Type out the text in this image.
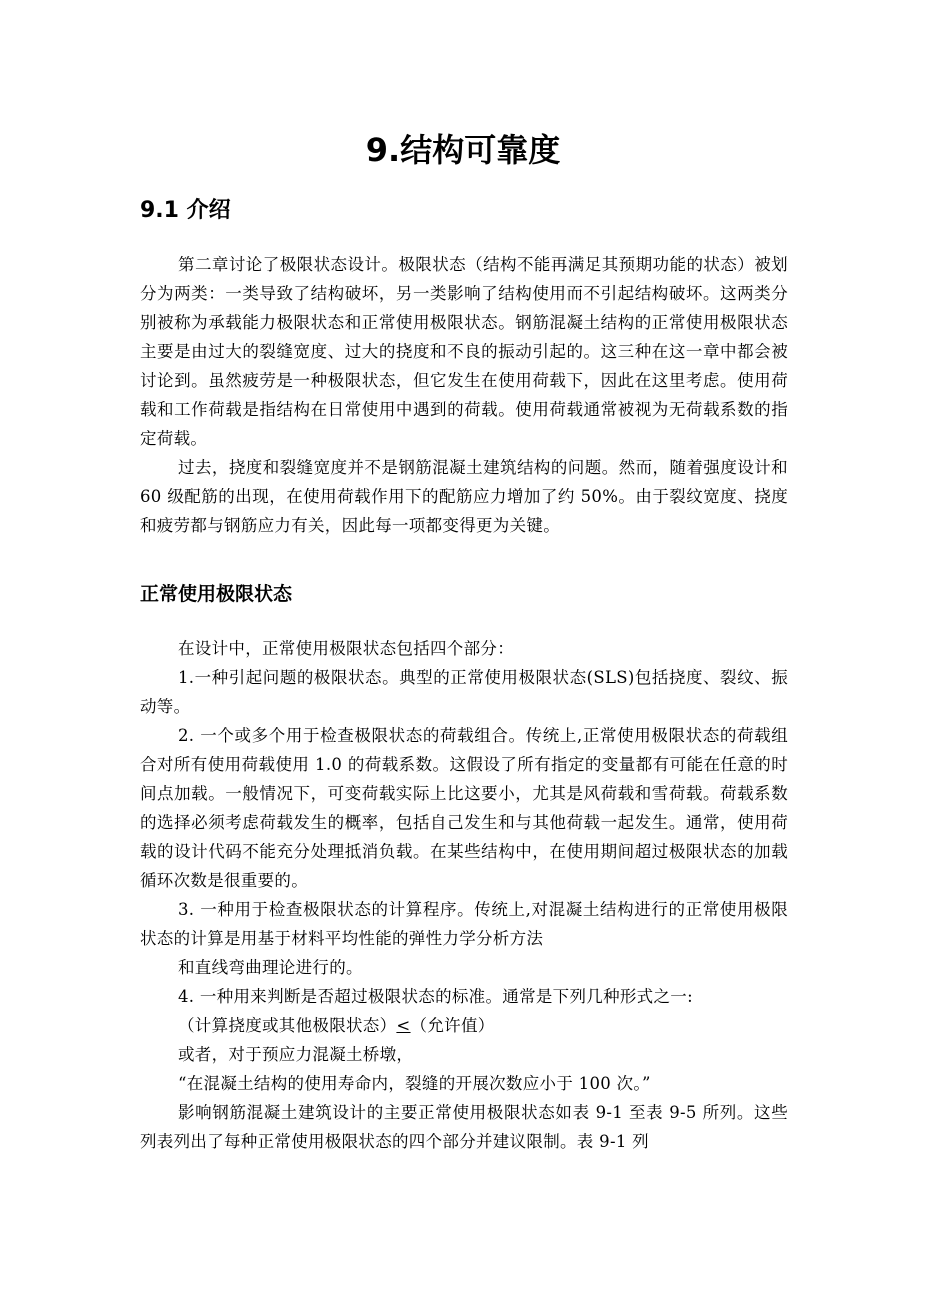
9.结构可靠度
9.1 介绍

第二章讨论了极限状态设计。极限状态（结构不能再满足其预期功能的状态）被划分为两类：一类导致了结构破坏，另一类影响了结构使用而不引起结构破坏。这两类分别被称为承载能力极限状态和正常使用极限状态。钢筋混凝土结构的正常使用极限状态主要是由过大的裂缝宽度、过大的挠度和不良的振动引起的。这三种在这一章中都会被讨论到。虽然疲劳是一种极限状态，但它发生在使用荷载下，因此在这里考虑。使用荷载和工作荷载是指结构在日常使用中遇到的荷载。使用荷载通常被视为无荷载系数的指定荷载。

过去，挠度和裂缝宽度并不是钢筋混凝土建筑结构的问题。然而，随着强度设计和 60 级配筋的出现，在使用荷载作用下的配筋应力增加了约 50%。由于裂纹宽度、挠度和疲劳都与钢筋应力有关，因此每一项都变得更为关键。

正常使用极限状态

在设计中，正常使用极限状态包括四个部分：

1.一种引起问题的极限状态。典型的正常使用极限状态(SLS)包括挠度、裂纹、振动等。

2. 一个或多个用于检查极限状态的荷载组合。传统上,正常使用极限状态的荷载组合对所有使用荷载使用 1.0 的荷载系数。这假设了所有指定的变量都有可能在任意的时间点加载。一般情况下，可变荷载实际上比这要小，尤其是风荷载和雪荷载。荷载系数的选择必须考虑荷载发生的概率，包括自己发生和与其他荷载一起发生。通常，使用荷载的设计代码不能充分处理抵消负载。在某些结构中，在使用期间超过极限状态的加载循环次数是很重要的。

3. 一种用于检查极限状态的计算程序。传统上,对混凝土结构进行的正常使用极限状态的计算是用基于材料平均性能的弹性力学分析方法

和直线弯曲理论进行的。

4. 一种用来判断是否超过极限状态的标准。通常是下列几种形式之一:

（计算挠度或其他极限状态）<（允许值）

或者，对于预应力混凝土桥墩，

“在混凝土结构的使用寿命内，裂缝的开展次数应小于 100 次。”

影响钢筋混凝土建筑设计的主要正常使用极限状态如表 9-1 至表 9-5 所列。这些列表列出了每种正常使用极限状态的四个部分并建议限制。表 9-1 列
